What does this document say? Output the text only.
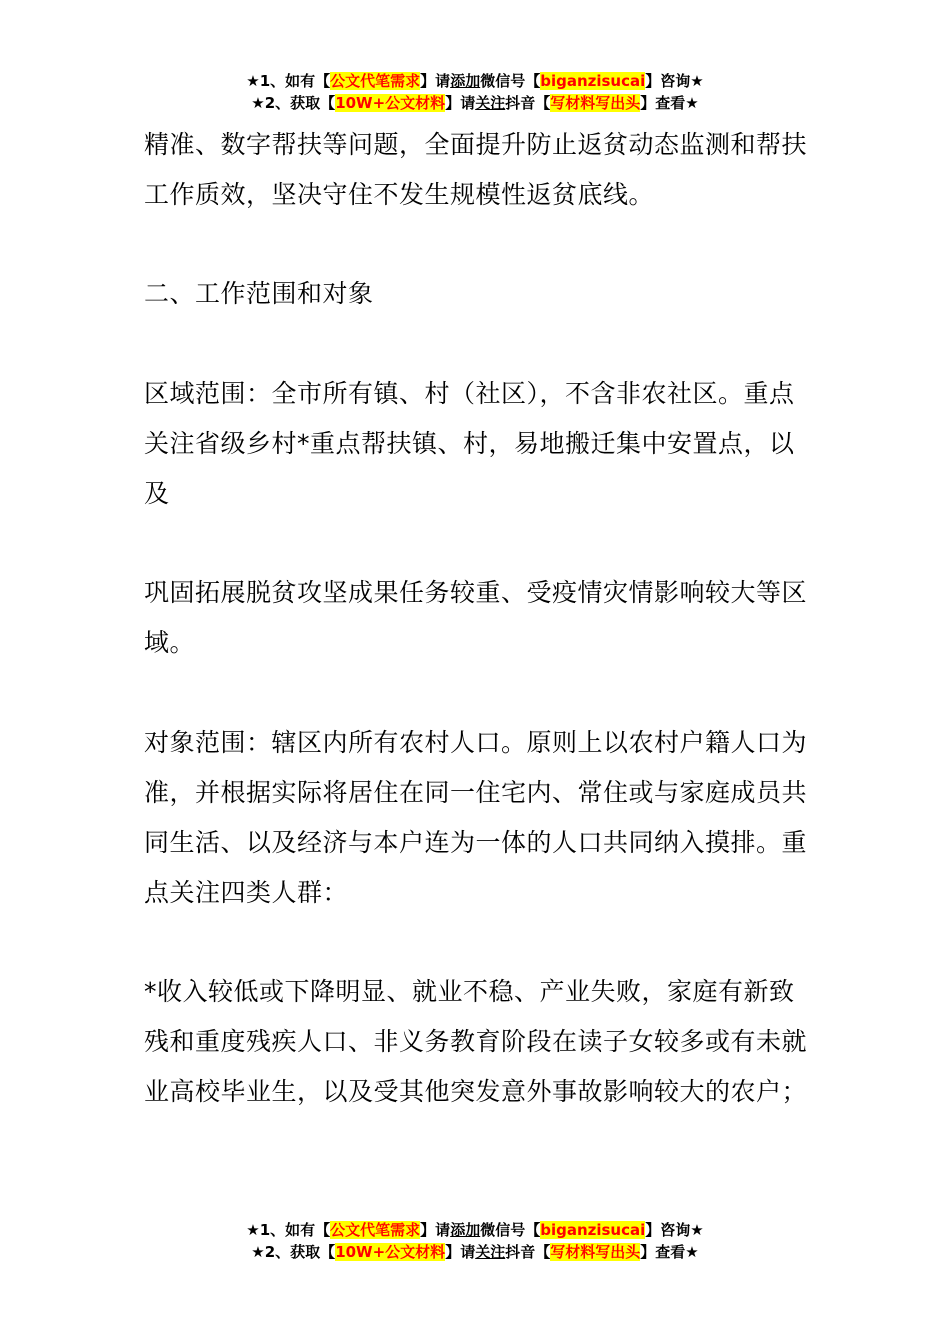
★1、如有【公文代笔需求】请添加微信号【biganzisucai】咨询★
★2、获取【10W+公文材料】请关注抖音【写材料写出头】查看★
精准、数字帮扶等问题，全面提升防止返贫动态监测和帮扶工作质效，坚决守住不发生规模性返贫底线。
二、工作范围和对象
区域范围：全市所有镇、村（社区），不含非农社区。重点关注省级乡村*重点帮扶镇、村，易地搬迁集中安置点，以及
巩固拓展脱贫攻坚成果任务较重、受疫情灾情影响较大等区域。
对象范围：辖区内所有农村人口。原则上以农村户籍人口为准，并根据实际将居住在同一住宅内、常住或与家庭成员共同生活、以及经济与本户连为一体的人口共同纳入摸排。重点关注四类人群：
*收入较低或下降明显、就业不稳、产业失败，家庭有新致残和重度残疾人口、非义务教育阶段在读子女较多或有未就业高校毕业生，以及受其他突发意外事故影响较大的农户；
★1、如有【公文代笔需求】请添加微信号【biganzisucai】咨询★
★2、获取【10W+公文材料】请关注抖音【写材料写出头】查看★
